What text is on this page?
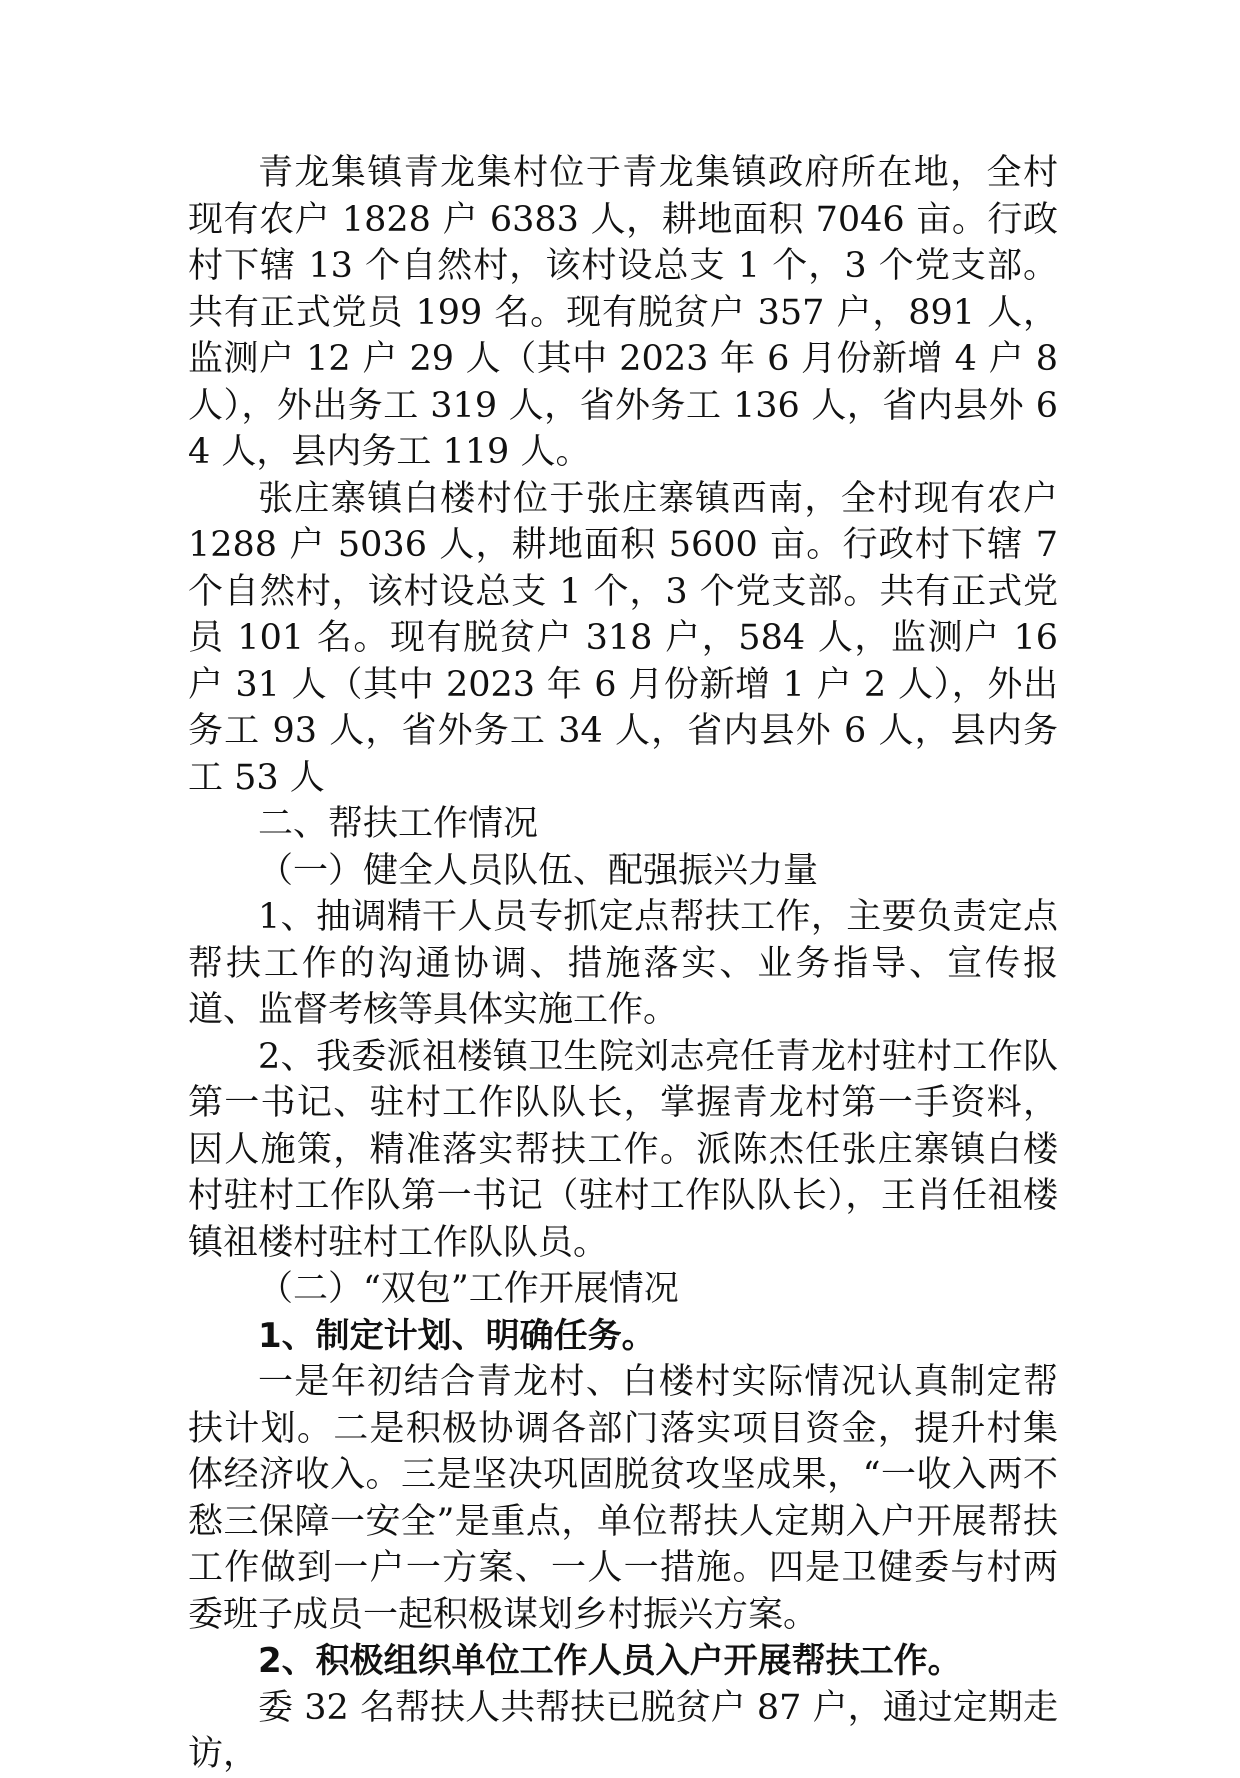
青龙集镇青龙集村位于青龙集镇政府所在地，全村现有农户 1828 户 6383 人，耕地面积 7046 亩。行政村下辖 13 个自然村，该村设总支 1 个，3 个党支部。共有正式党员 199 名。现有脱贫户 357 户，891 人，监测户 12 户 29 人（其中 2023 年 6 月份新增 4 户 8 人），外出务工 319 人，省外务工 136 人，省内县外 64 人，县内务工 119 人。

张庄寨镇白楼村位于张庄寨镇西南，全村现有农户 1288 户 5036 人，耕地面积 5600 亩。行政村下辖 7 个自然村，该村设总支 1 个，3 个党支部。共有正式党员 101 名。现有脱贫户 318 户，584 人，监测户 16 户 31 人（其中 2023 年 6 月份新增 1 户 2 人），外出务工 93 人，省外务工 34 人，省内县外 6 人，县内务工 53 人

二、帮扶工作情况

（一）健全人员队伍、配强振兴力量

1、抽调精干人员专抓定点帮扶工作，主要负责定点帮扶工作的沟通协调、措施落实、业务指导、宣传报道、监督考核等具体实施工作。

2、我委派祖楼镇卫生院刘志亮任青龙村驻村工作队第一书记、驻村工作队队长，掌握青龙村第一手资料，因人施策，精准落实帮扶工作。派陈杰任张庄寨镇白楼村驻村工作队第一书记（驻村工作队队长），王肖任祖楼镇祖楼村驻村工作队队员。

（二）“双包”工作开展情况

1、制定计划、明确任务。

一是年初结合青龙村、白楼村实际情况认真制定帮扶计划。二是积极协调各部门落实项目资金，提升村集体经济收入。三是坚决巩固脱贫攻坚成果，“一收入两不愁三保障一安全”是重点，单位帮扶人定期入户开展帮扶工作做到一户一方案、一人一措施。四是卫健委与村两委班子成员一起积极谋划乡村振兴方案。

2、积极组织单位工作人员入户开展帮扶工作。

委 32 名帮扶人共帮扶已脱贫户 87 户，通过定期走访，
